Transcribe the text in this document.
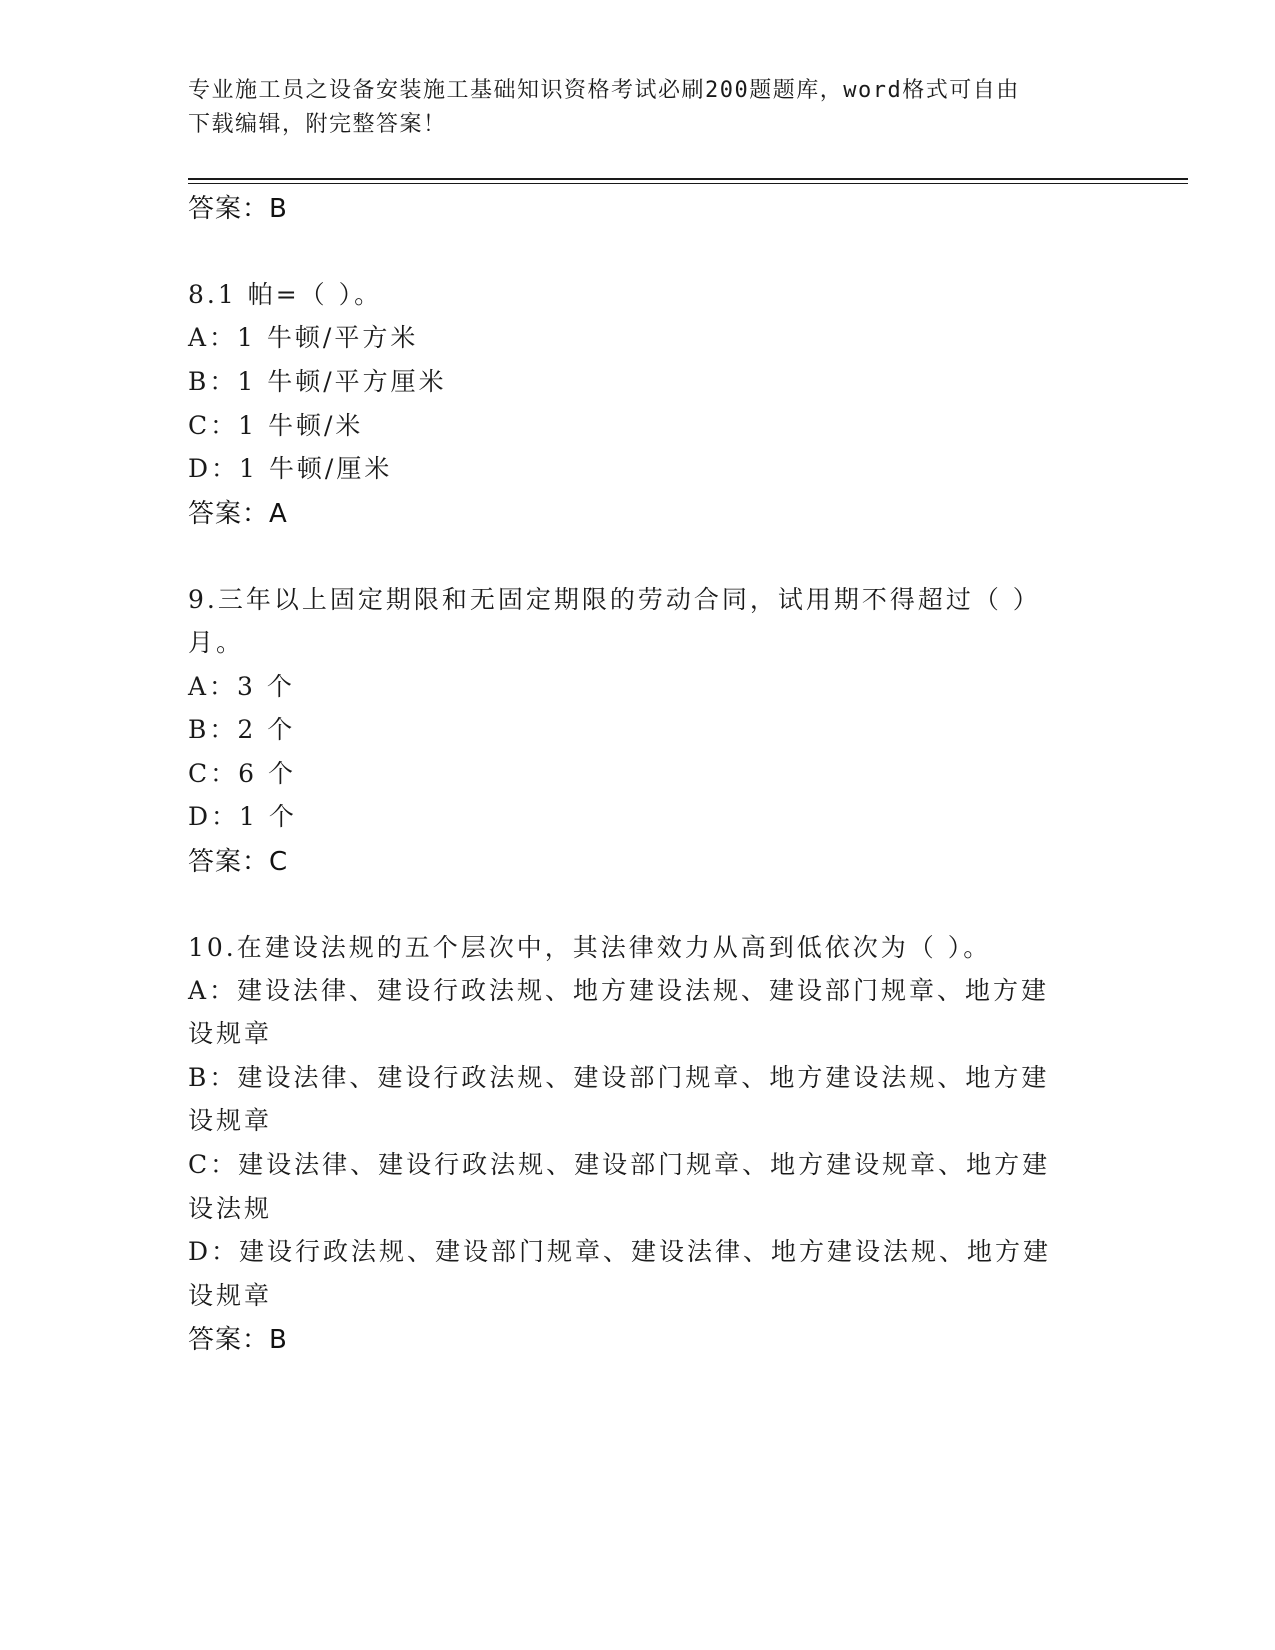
专业施工员之设备安装施工基础知识资格考试必刷200题题库，word格式可自由
下载编辑，附完整答案！
答案：B
8.1 帕=（ ）。
A：1 牛顿/平方米
B：1 牛顿/平方厘米
C：1 牛顿/米
D：1 牛顿/厘米
答案：A
9.三年以上固定期限和无固定期限的劳动合同，试用期不得超过（ ）
月。
A：3 个
B：2 个
C：6 个
D：1 个
答案：C
10.在建设法规的五个层次中，其法律效力从高到低依次为（ ）。
A：建设法律、建设行政法规、地方建设法规、建设部门规章、地方建
设规章
B：建设法律、建设行政法规、建设部门规章、地方建设法规、地方建
设规章
C：建设法律、建设行政法规、建设部门规章、地方建设规章、地方建
设法规
D：建设行政法规、建设部门规章、建设法律、地方建设法规、地方建
设规章
答案：B
